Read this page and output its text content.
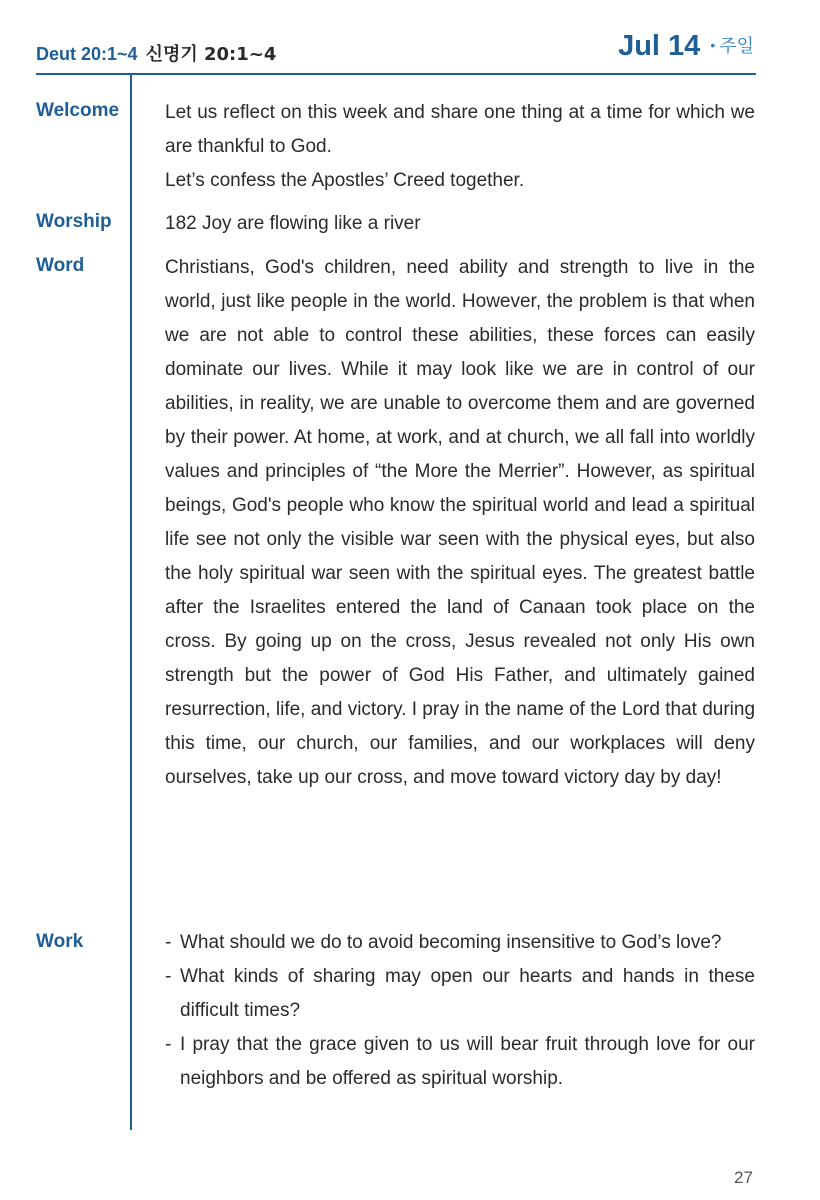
Deut 20:1~4 신명기 20:1~4	Jul 14 • 주일
Welcome Let us reflect on this week and share one thing at a time for which we are thankful to God.
Let’s confess the Apostles’ Creed together.
Worship	182 Joy are flowing like a river
Word	Christians, God's children, need ability and strength to live in the world, just like people in the world. However, the problem is that when we are not able to control these abilities, these forces can easily dominate our lives. While it may look like we are in control of our abilities, in reality, we are unable to overcome them and are governed by their power. At home, at work, and at church, we all fall into worldly values and principles of “the More the Merrier”. However, as spiritual beings, God's people who know the spiritual world and lead a spiritual life see not only the visible war seen with the physical eyes, but also the holy spiritual war seen with the spiritual eyes. The greatest battle after the Israelites entered the land of Canaan took place on the cross. By going up on the cross, Jesus revealed not only His own strength but the power of God His Father, and ultimately gained resurrection, life, and victory. I pray in the name of the Lord that during this time, our church, our families, and our workplaces will deny ourselves, take up our cross, and move toward victory day by day!
Work	- What should we do to avoid becoming insensitive to God’s love?
- What kinds of sharing may open our hearts and hands in these difficult times?
- I pray that the grace given to us will bear fruit through love for our neighbors and be offered as spiritual worship.
27
